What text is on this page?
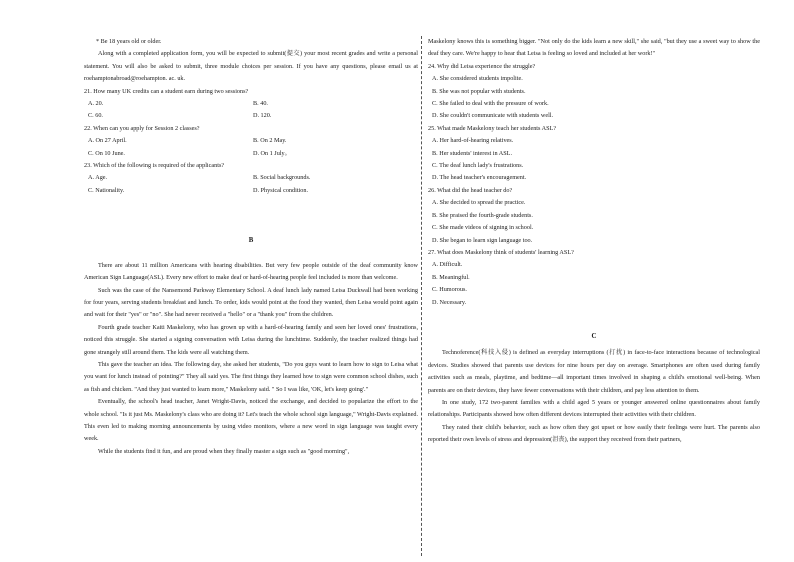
* Be 18 years old or older.

Along with a completed application form, you will be expected to submit(提交) your most recent grades and write a personal statement. You will also be asked to submit, three module choices per session. If you have any questions, please email us at roehamptonabroad@roehampton. ac. uk.

21. How many UK credits can a student earn during two sessions?

A. 20.	B. 40.
C. 60.	D. 120.

22. When can you apply for Session 2 classes?

A. On 27 April.	B. On 2 May.
C. On 10 June.	D. On 1 July。

23. Which of the following is required of the applicants?

A. Age.	B. Social backgrounds.
C. Nationality.	D. Physical condition.

B

There are about 11 million Americans with hearing disabilities. But very few people outside of the deaf community know American Sign Language(ASL). Every new effort to make deaf or hard-of-hearing people feel included is more than welcome.

Such was the case of the Nansemond Parkway Elementary School. A deaf lunch lady named Leisa Duckwall had been working for four years, serving students breakfast and lunch. To order, kids would point at the food they wanted, then Leisa would point again and wait for their "yes" or "no". She had never received a "hello" or a "thank you" from the children.

Fourth grade teacher Kaiti Maskelony, who has grown up with a hard-of-hearing family and seen her loved ones' frustrations, noticed this struggle. She started a signing conversation with Leisa during the lunchtime. Suddenly, the teacher realized things had gone strangely still around them. The kids were all watching them.

This gave the teacher an idea. The following day, she asked her students, "Do you guys want to learn how to sign to Leisa what you want for lunch instead of pointing?" They all said yes. The first things they learned how to sign were common school dishes, such as fish and chicken. "And they just wanted to learn more," Maskelony said. " So I was like, 'OK, let's keep going'."

Eventually, the school's head teacher, Janet Wright-Davis, noticed the exchange, and decided to popularize the effort to the whole school. "Is it just Ms. Maskelony's class who are doing it? Let's teach the whole school sign language," Wright-Davis explained. This even led to making morning announcements by using video monitors, where a new word in sign language was taught every week.

While the students find it fun, and are proud when they finally master a sign such as "good morning",

Maskelony knows this is something bigger. "Not only do the kids learn a new skill," she said, "but they use a sweet way to show the deaf they care. We're happy to hear that Leisa is feeling so loved and included at her work!"

24. Why did Leisa experience the struggle?

A. She considered students impolite.

B. She was not popular with students.

C. She failed to deal with the pressure of work.

D. She couldn't communicate with students well.

25. What made Maskelony teach her students ASL?

A. Her hard-of-hearing relatives.

B. Her students' interest in ASL.

C. The deaf lunch lady's frustrations.

D. The head teacher's encouragement.

26. What did the head teacher do?

A. She decided to spread the practice.

B. She praised the fourth-grade students.

C. She made videos of signing in school.

D. She began to learn sign language too.

27. What does Maskelony think of students' learning ASL?

A. Difficult.

B. Meaningful.

C. Humorous.

D. Necessary.

C

Technoference(科技入侵) is defined as everyday interruptions (打扰) in face-to-face interactions because of technological devices. Studies showed that parents use devices for nine hours per day on average. Smartphones are often used during family activities such as meals, playtime, and bedtime—all important times involved in shaping a child's emotional well-being. When parents are on their devices, they have fewer conversations with their children, and pay less attention to them.

In one study, 172 two-parent families with a child aged 5 years or younger answered online questionnaires about family relationships. Participants showed how often different devices interrupted their activities with their children.

They rated their child's behavior, such as how often they got upset or how easily their feelings were hurt. The parents also reported their own levels of stress and depression(沮丧), the support they received from their partners,
